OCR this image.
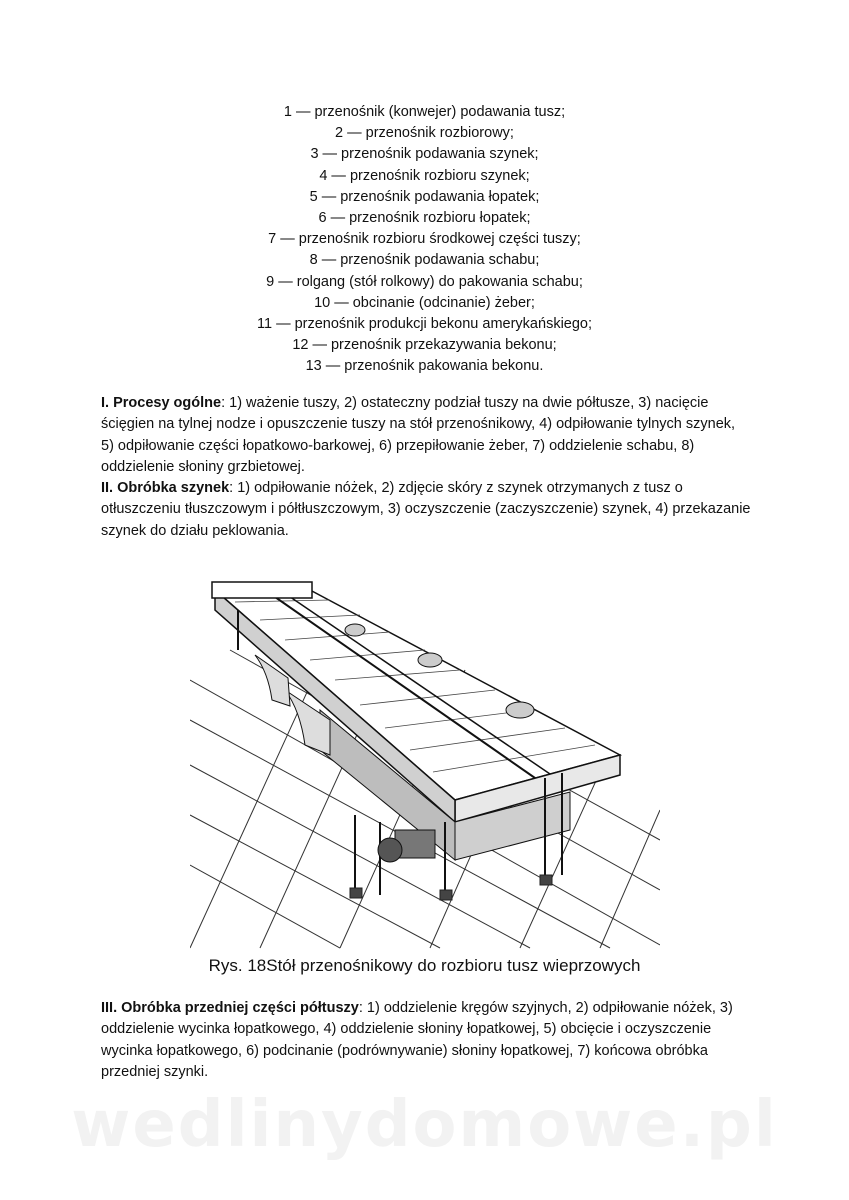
1 — przenośnik (konwejer) podawania tusz;
2 — przenośnik rozbiorowy;
3 — przenośnik podawania szynek;
4 — przenośnik rozbioru szynek;
5 — przenośnik podawania łopatek;
6 — przenośnik rozbioru łopatek;
7 — przenośnik rozbioru środkowej części tuszy;
8 — przenośnik podawania schabu;
9 — rolgang (stół rolkowy) do pakowania schabu;
10 — obcinanie (odcinanie) żeber;
11 — przenośnik produkcji bekonu amerykańskiego;
12 — przenośnik przekazywania bekonu;
13 — przenośnik pakowania bekonu.
I. Procesy ogólne: 1) ważenie tuszy, 2) ostateczny podział tuszy na dwie półtusze, 3) nacięcie ścięgien na tylnej nodze i opuszczenie tuszy na stół przenośnikowy, 4) odpiłowanie tylnych szynek, 5) odpiłowanie części łopatkowo-barkowej, 6) przepiłowanie żeber, 7) oddzielenie schabu, 8) oddzielenie słoniny grzbietowej.
II. Obróbka szynek: 1) odpiłowanie nóżek, 2) zdjęcie skóry z szynek otrzymanych z tusz o otłuszczeniu tłuszczowym i półtłuszczowym, 3) oczyszczenie (zaczyszczenie) szynek, 4) przekazanie szynek do działu peklowania.
Rys. 18Stół przenośnikowy do rozbioru tusz wieprzowych
III. Obróbka przedniej części półtuszy: 1) oddzielenie kręgów szyjnych, 2) odpiłowanie nóżek, 3) oddzielenie wycinka łopatkowego, 4) oddzielenie słoniny łopatkowej, 5) obcięcie i oczyszczenie wycinka łopatkowego, 6) podcinanie (podrównywanie) słoniny łopatkowej, 7) końcowa obróbka przedniej szynki.
wedlinydomowe.pl
